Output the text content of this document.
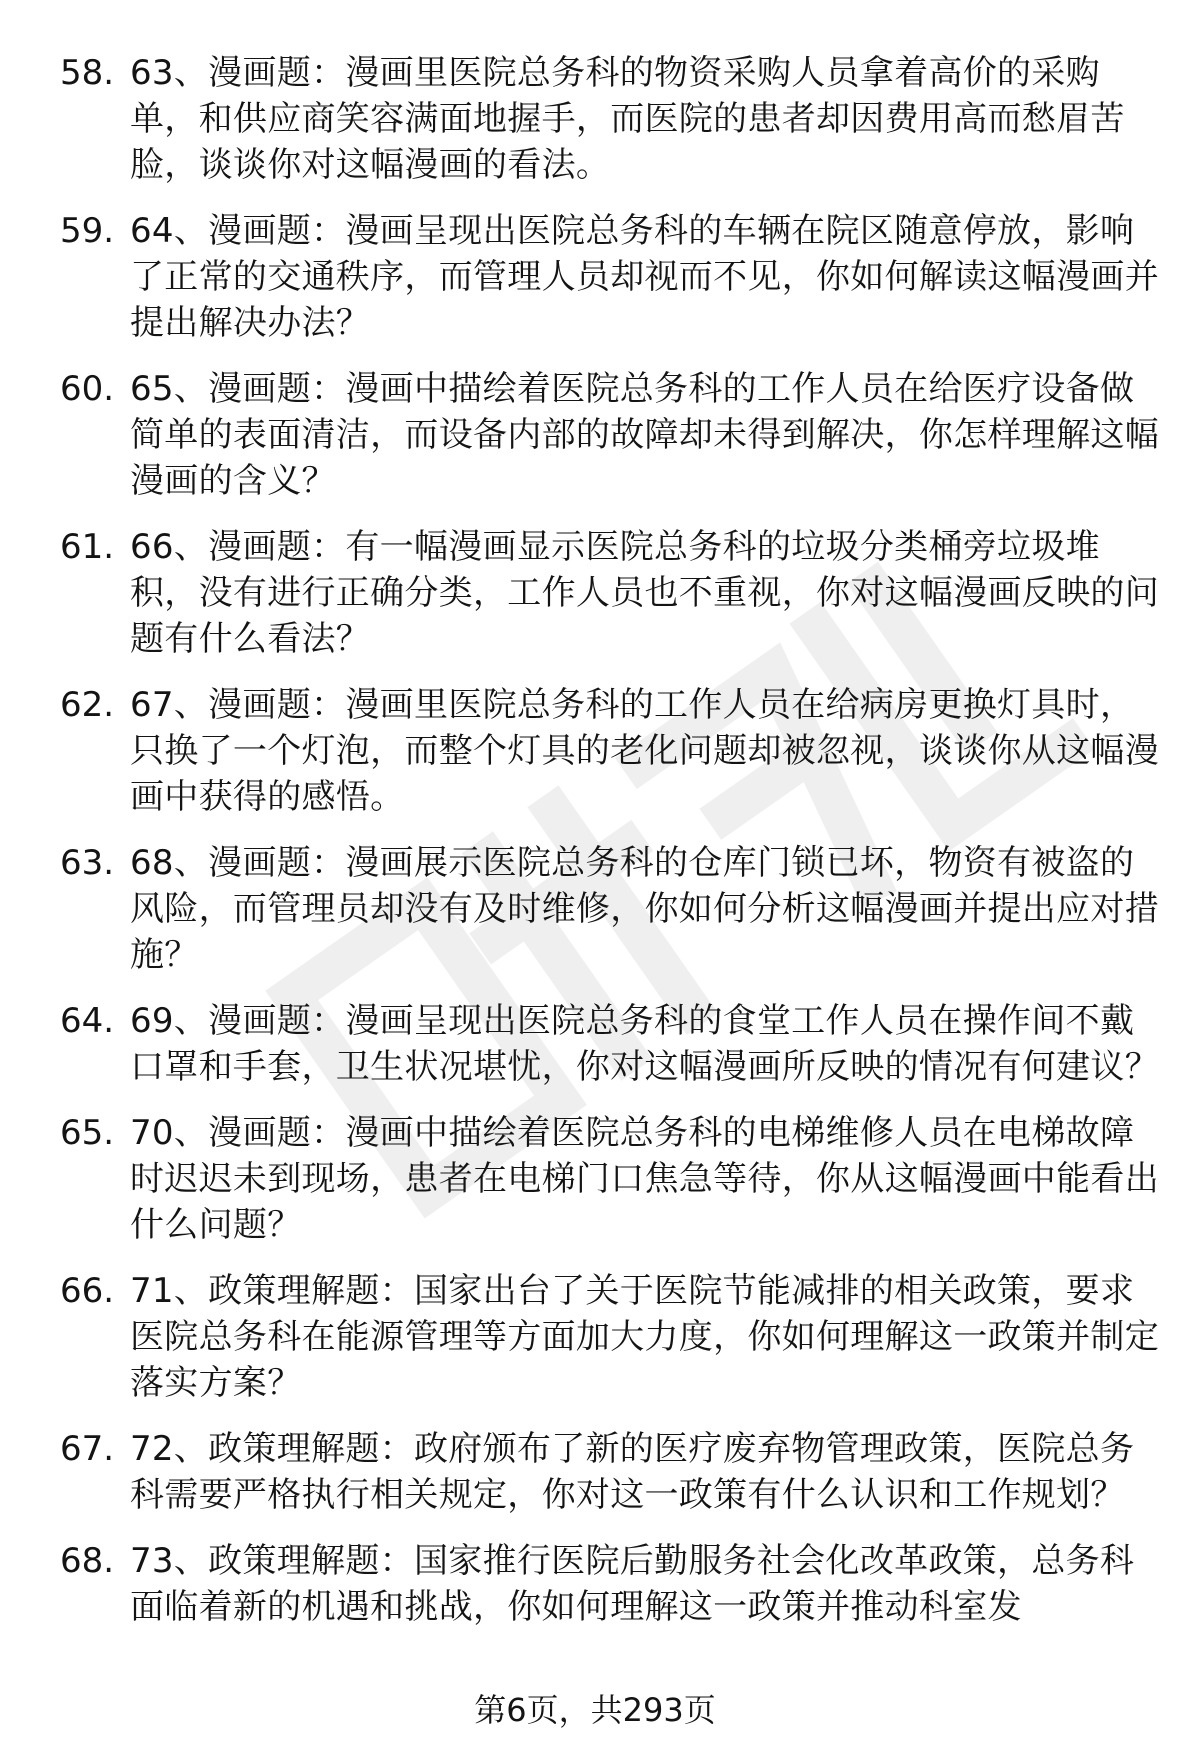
58. 63、漫画题：漫画里医院总务科的物资采购人员拿着高价的采购单，和供应商笑容满面地握手，而医院的患者却因费用高而愁眉苦脸，谈谈你对这幅漫画的看法。
59. 64、漫画题：漫画呈现出医院总务科的车辆在院区随意停放，影响了正常的交通秩序，而管理人员却视而不见，你如何解读这幅漫画并提出解决办法？
60. 65、漫画题：漫画中描绘着医院总务科的工作人员在给医疗设备做简单的表面清洁，而设备内部的故障却未得到解决，你怎样理解这幅漫画的含义？
61. 66、漫画题：有一幅漫画显示医院总务科的垃圾分类桶旁垃圾堆积，没有进行正确分类，工作人员也不重视，你对这幅漫画反映的问题有什么看法？
62. 67、漫画题：漫画里医院总务科的工作人员在给病房更换灯具时，只换了一个灯泡，而整个灯具的老化问题却被忽视，谈谈你从这幅漫画中获得的感悟。
63. 68、漫画题：漫画展示医院总务科的仓库门锁已坏，物资有被盗的风险，而管理员却没有及时维修，你如何分析这幅漫画并提出应对措施？
64. 69、漫画题：漫画呈现出医院总务科的食堂工作人员在操作间不戴口罩和手套，卫生状况堪忧，你对这幅漫画所反映的情况有何建议？
65. 70、漫画题：漫画中描绘着医院总务科的电梯维修人员在电梯故障时迟迟未到现场，患者在电梯门口焦急等待，你从这幅漫画中能看出什么问题？
66. 71、政策理解题：国家出台了关于医院节能减排的相关政策，要求医院总务科在能源管理等方面加大力度，你如何理解这一政策并制定落实方案？
67. 72、政策理解题：政府颁布了新的医疗废弃物管理政策，医院总务科需要严格执行相关规定，你对这一政策有什么认识和工作规划？
68. 73、政策理解题：国家推行医院后勤服务社会化改革政策，总务科面临着新的机遇和挑战，你如何理解这一政策并推动科室发
第6页，共293页
